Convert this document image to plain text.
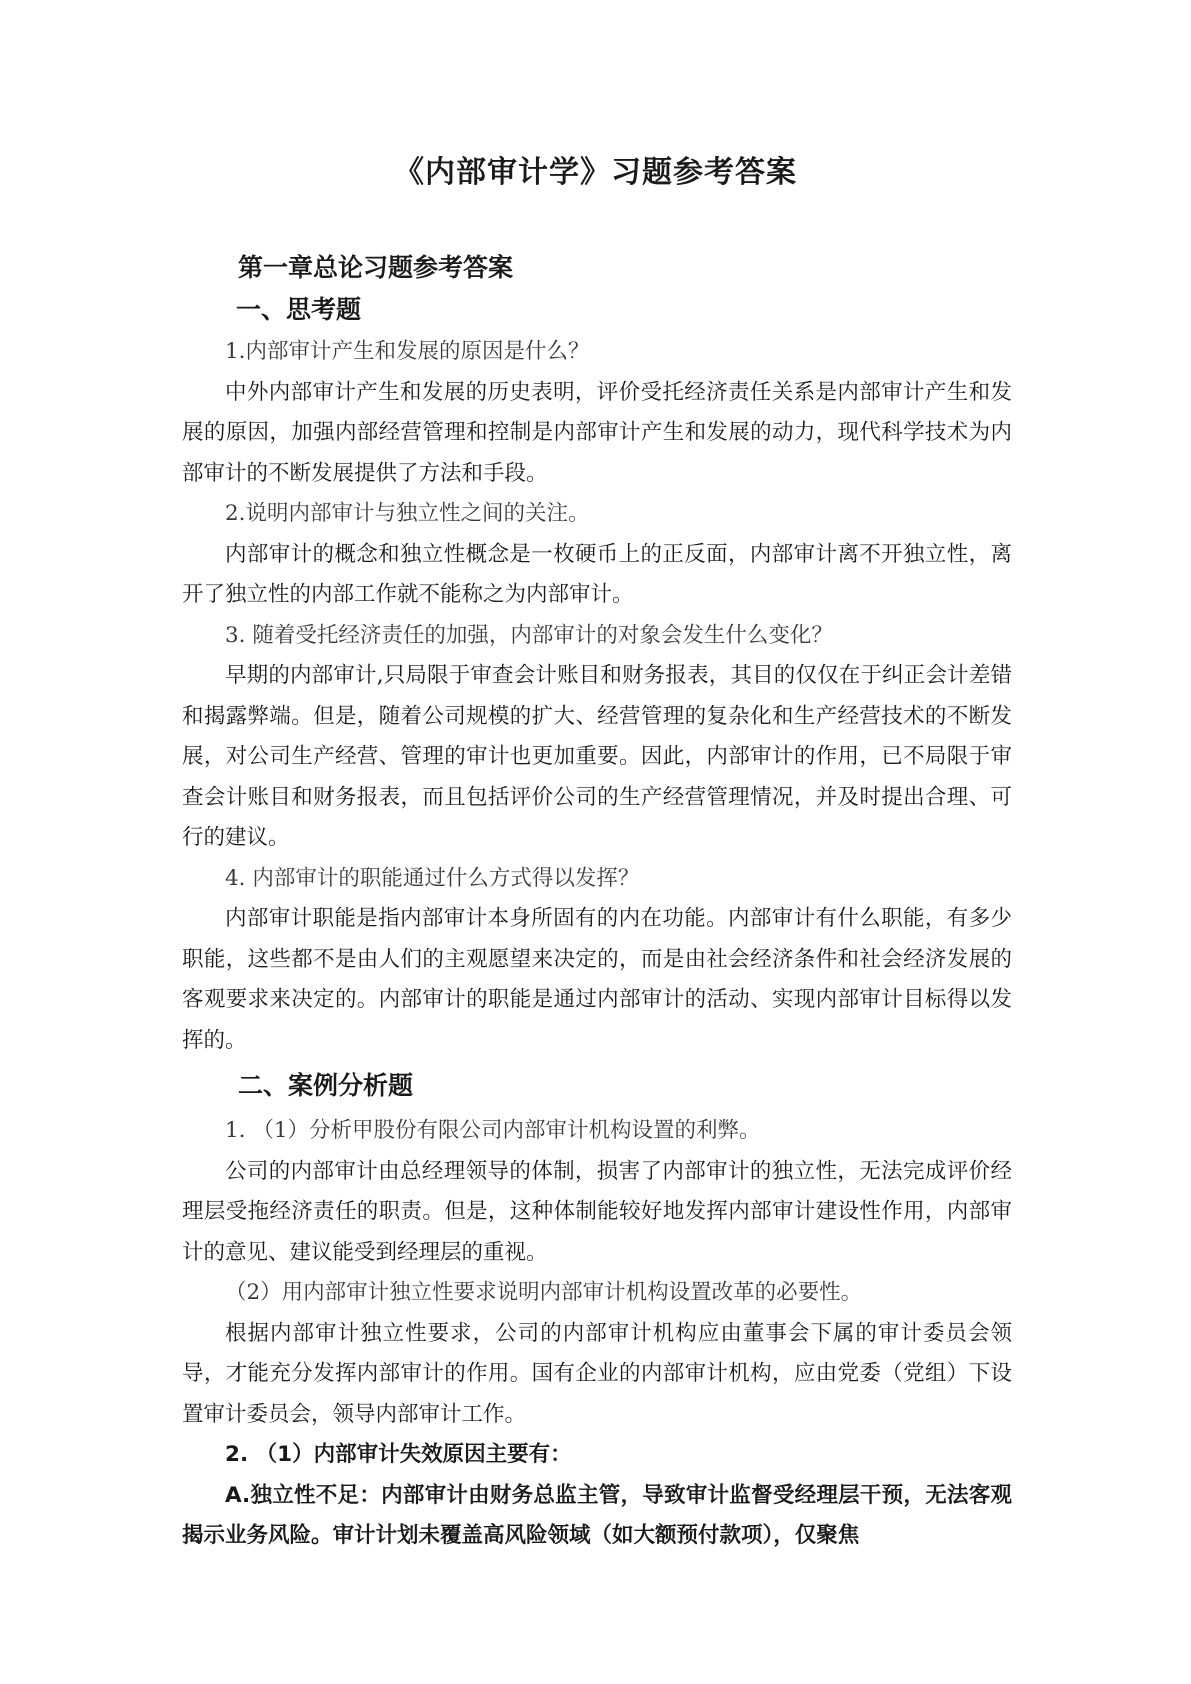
《内部审计学》习题参考答案
第一章总论习题参考答案
一、思考题

1.内部审计产生和发展的原因是什么？

中外内部审计产生和发展的历史表明，评价受托经济责任关系是内部审计产生和发展的原因，加强内部经营管理和控制是内部审计产生和发展的动力，现代科学技术为内部审计的不断发展提供了方法和手段。

2.说明内部审计与独立性之间的关注。

内部审计的概念和独立性概念是一枚硬币上的正反面，内部审计离不开独立性，离开了独立性的内部工作就不能称之为内部审计。

3. 随着受托经济责任的加强，内部审计的对象会发生什么变化？

早期的内部审计,只局限于审查会计账目和财务报表，其目的仅仅在于纠正会计差错和揭露弊端。但是，随着公司规模的扩大、经营管理的复杂化和生产经营技术的不断发展，对公司生产经营、管理的审计也更加重要。因此，内部审计的作用，已不局限于审查会计账目和财务报表，而且包括评价公司的生产经营管理情况，并及时提出合理、可行的建议。

4. 内部审计的职能通过什么方式得以发挥？

内部审计职能是指内部审计本身所固有的内在功能。内部审计有什么职能，有多少职能，这些都不是由人们的主观愿望来决定的，而是由社会经济条件和社会经济发展的客观要求来决定的。内部审计的职能是通过内部审计的活动、实现内部审计目标得以发挥的。

二、案例分析题

1. （1）分析甲股份有限公司内部审计机构设置的利弊。

公司的内部审计由总经理领导的体制，损害了内部审计的独立性，无法完成评价经理层受拖经济责任的职责。但是，这种体制能较好地发挥内部审计建设性作用，内部审计的意见、建议能受到经理层的重视。

（2）用内部审计独立性要求说明内部审计机构设置改革的必要性。

根据内部审计独立性要求，公司的内部审计机构应由董事会下属的审计委员会领导，才能充分发挥内部审计的作用。国有企业的内部审计机构，应由党委（党组）下设置审计委员会，领导内部审计工作。

2. （1）内部审计失效原因主要有：

A.独立性不足：内部审计由财务总监主管，导致审计监督受经理层干预，无法客观揭示业务风险。审计计划未覆盖高风险领域（如大额预付款项），仅聚焦
